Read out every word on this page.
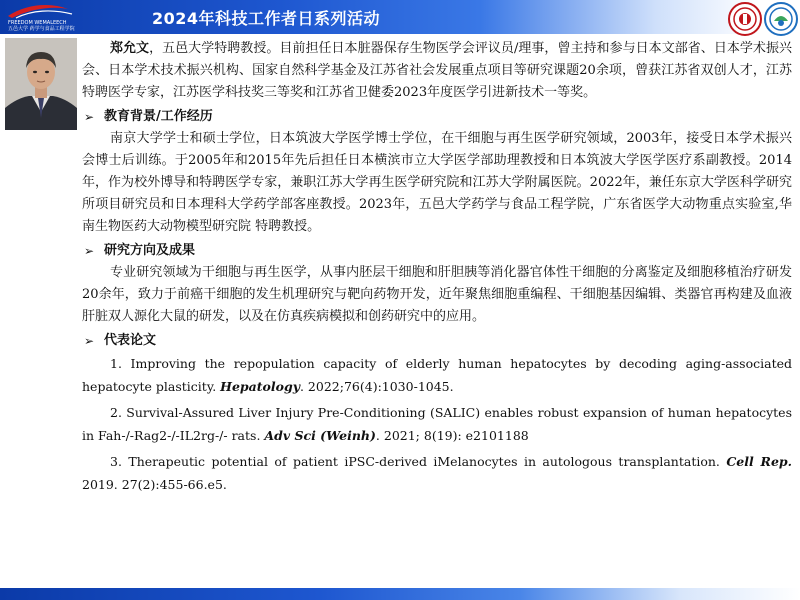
FREEDOM WEMALEECH
五邑大学 药学与食品工程学院
2024年科技工作者日系列活动
郑允文，五邑大学特聘教授。目前担任日本脏器保存生物医学会评议员/理事，曾主持和参与日本文部省、日本学术振兴会、日本学术技术振兴机构、国家自然科学基金及江苏省社会发展重点项目等研究课题20余项，曾获江苏省双创人才，江苏特聘医学专家，江苏医学科技奖三等奖和江苏省卫健委2023年度医学引进新技术一等奖。
➢ 教育背景/工作经历
南京大学学士和硕士学位，日本筑波大学医学博士学位，在干细胞与再生医学研究领域，2003年，接受日本学术振兴会博士后训练。于2005年和2015年先后担任日本横滨市立大学医学部助理教授和日本筑波大学医学医疗系副教授。2014年，作为校外博导和特聘医学专家，兼职江苏大学再生医学研究院和江苏大学附属医院。2022年，兼任东京大学医科学研究所项目研究员和日本理科大学药学部客座教授。2023年，五邑大学药学与食品工程学院，广东省医学大动物重点实验室,华南生物医药大动物模型研究院 特聘教授。
➢ 研究方向及成果
专业研究领域为干细胞与再生医学，从事内胚层干细胞和肝胆胰等消化器官体性干细胞的分离鉴定及细胞移植治疗研发20余年，致力于前癌干细胞的发生机理研究与靶向药物开发，近年聚焦细胞重编程、干细胞基因编辑、类器官再构建及血液肝脏双人源化大鼠的研发，以及在仿真疾病模拟和创药研究中的应用。
➢ 代表论文
1. Improving the repopulation capacity of elderly human hepatocytes by decoding aging-associated hepatocyte plasticity. Hepatology. 2022;76(4):1030-1045.
2. Survival-Assured Liver Injury Pre-Conditioning (SALIC) enables robust expansion of human hepatocytes in Fah-/-Rag2-/-IL2rg-/- rats. Adv Sci (Weinh). 2021; 8(19): e2101188
3. Therapeutic potential of patient iPSC-derived iMelanocytes in autologous transplantation. Cell Rep. 2019. 27(2):455-66.e5.
